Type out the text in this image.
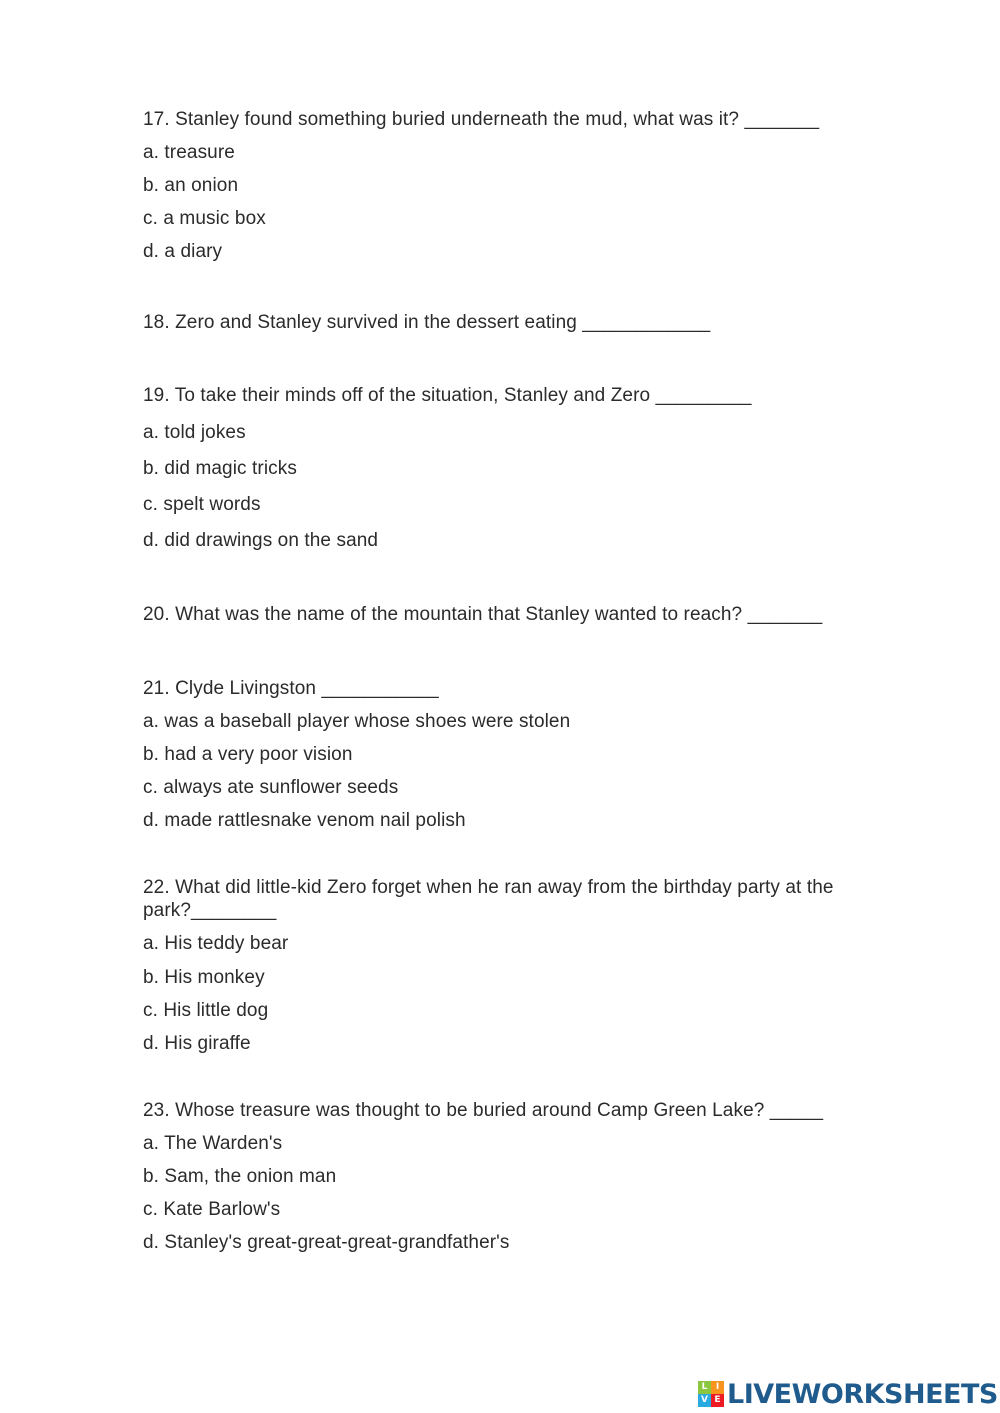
17. Stanley found something buried underneath the mud, what was it? _______
a. treasure
b. an onion
c. a music box
d. a diary
18. Zero and Stanley survived in the dessert eating ____________
19. To take their minds off of the situation, Stanley and Zero _________
a. told jokes
b. did magic tricks
c. spelt words
d. did drawings on the sand
20. What was the name of the mountain that Stanley wanted to reach? _______
21. Clyde Livingston ___________
a. was a baseball player whose shoes were stolen
b. had a very poor vision
c. always ate sunflower seeds
d. made rattlesnake venom nail polish
22. What did little-kid Zero forget when he ran away from the birthday party at the park?________
a. His teddy bear
b. His monkey
c. His little dog
d. His giraffe
23. Whose treasure was thought to be buried around Camp Green Lake? _____
a. The Warden's
b. Sam, the onion man
c. Kate Barlow's
d. Stanley's great-great-great-grandfather's
L I
V E LIVEWORKSHEETS
